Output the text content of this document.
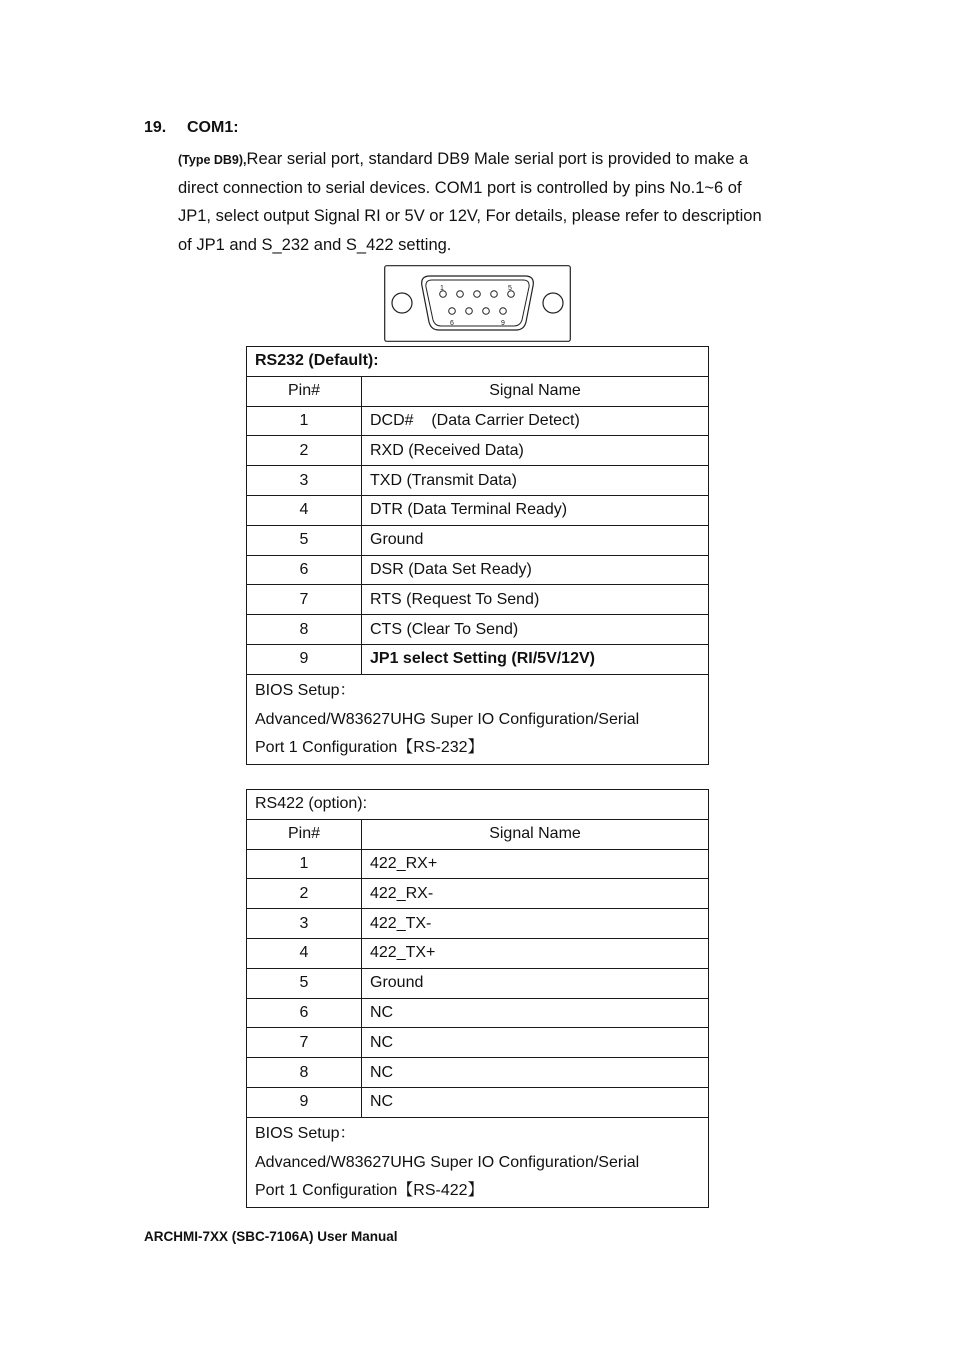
19. COM1:
(Type DB9),Rear serial port, standard DB9 Male serial port is provided to make a
direct connection to serial devices. COM1 port is controlled by pins No.1~6 of
JP1, select output Signal RI or 5V or 12V, For details, please refer to description
of JP1 and S_232 and S_422 setting.
1	5
6	9
RS232 (Default):	
Pin#	Signal Name
1	DCD#    (Data Carrier Detect)
2	RXD (Received Data)
3	TXD (Transmit Data)
4	DTR (Data Terminal Ready)
5	Ground
6	DSR (Data Set Ready)
7	RTS (Request To Send)
8	CTS (Clear To Send)
9	JP1 select Setting (RI/5V/12V)

BIOS Setup：
Advanced/W83627UHG Super IO Configuration/Serial
Port 1 Configuration【RS-232】	
RS422 (option):	
Pin#	Signal Name
1	422_RX+
2	422_RX-
3	422_TX-
4	422_TX+
5	Ground
6	NC
7	NC
8	NC
9	NC

BIOS Setup：
Advanced/W83627UHG Super IO Configuration/Serial
Port 1 Configuration【RS-422】	
ARCHMI-7XX (SBC-7106A) User Manual
